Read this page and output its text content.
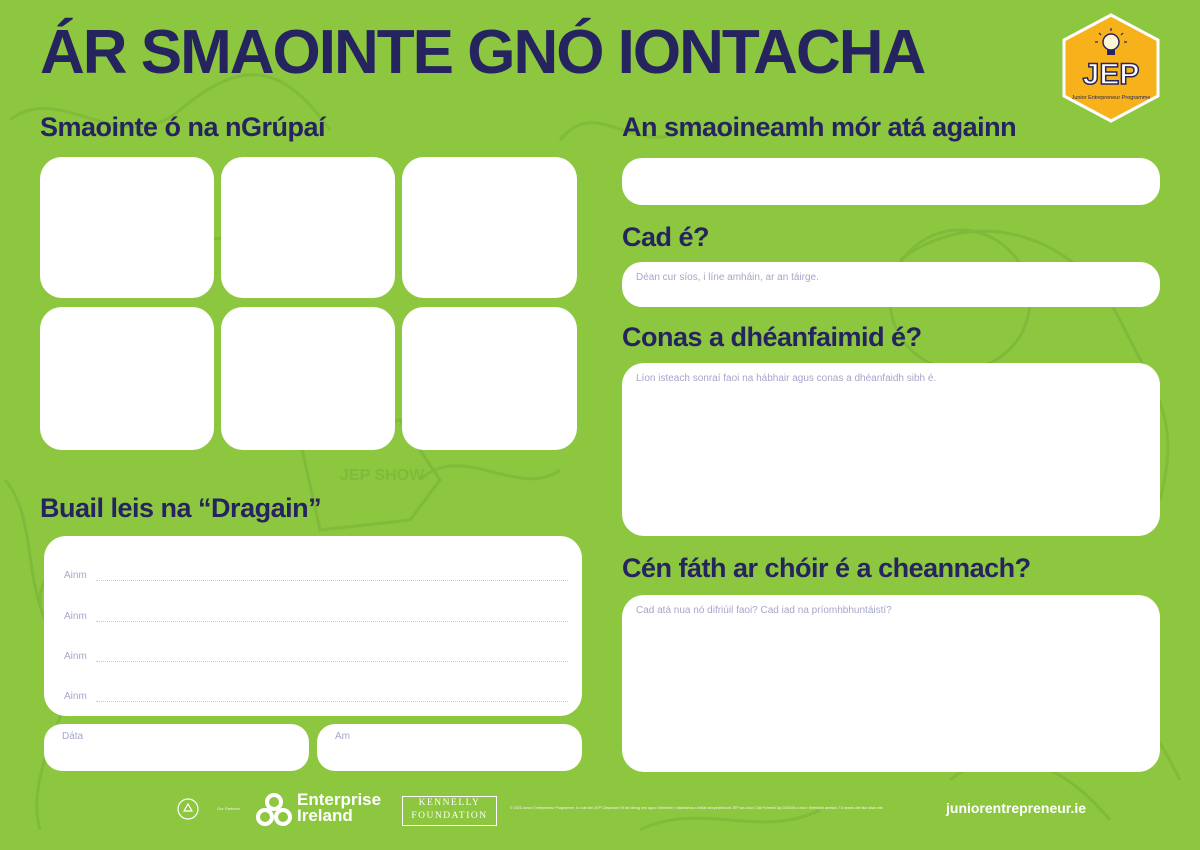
JEP SHOW
ÁR SMAOINTE GNÓ IONTACHA	JEP
Junior Entrepreneur Programme
Smaointe ó na nGrúpaí
Buail leis na “Dragain”
Ainm
Ainm
Ainm
Ainm
Dáta	Am
An smaoineamh mór atá againn
Cad é?
Déan cur síos, i líne amháin, ar an táirge.
Conas a dhéanfaimid é?
Líon isteach sonraí faoi na hábhair agus conas a dhéanfaidh sibh é.
Cén fáth ar chóir é a cheannach?
Cad atá nua nó difriúil faoi? Cad iad na príomhbhuntáistí?
Our Partners	Enterprise
Ireland
KENNELLY
FOUNDATION
© 2025 Junior Entrepreneur Programme. Is cuid den JEP Classroom Kit an bileog seo agus i bhfeidhm i ndáileanna a bhfuil rannpháirtíocht JEP acu chun Clár Foirmeil Óg 2025/26 a chur i bhfeidhm amháin. Tá cearta uile faoi srian eile.	juniorentrepreneur.ie
